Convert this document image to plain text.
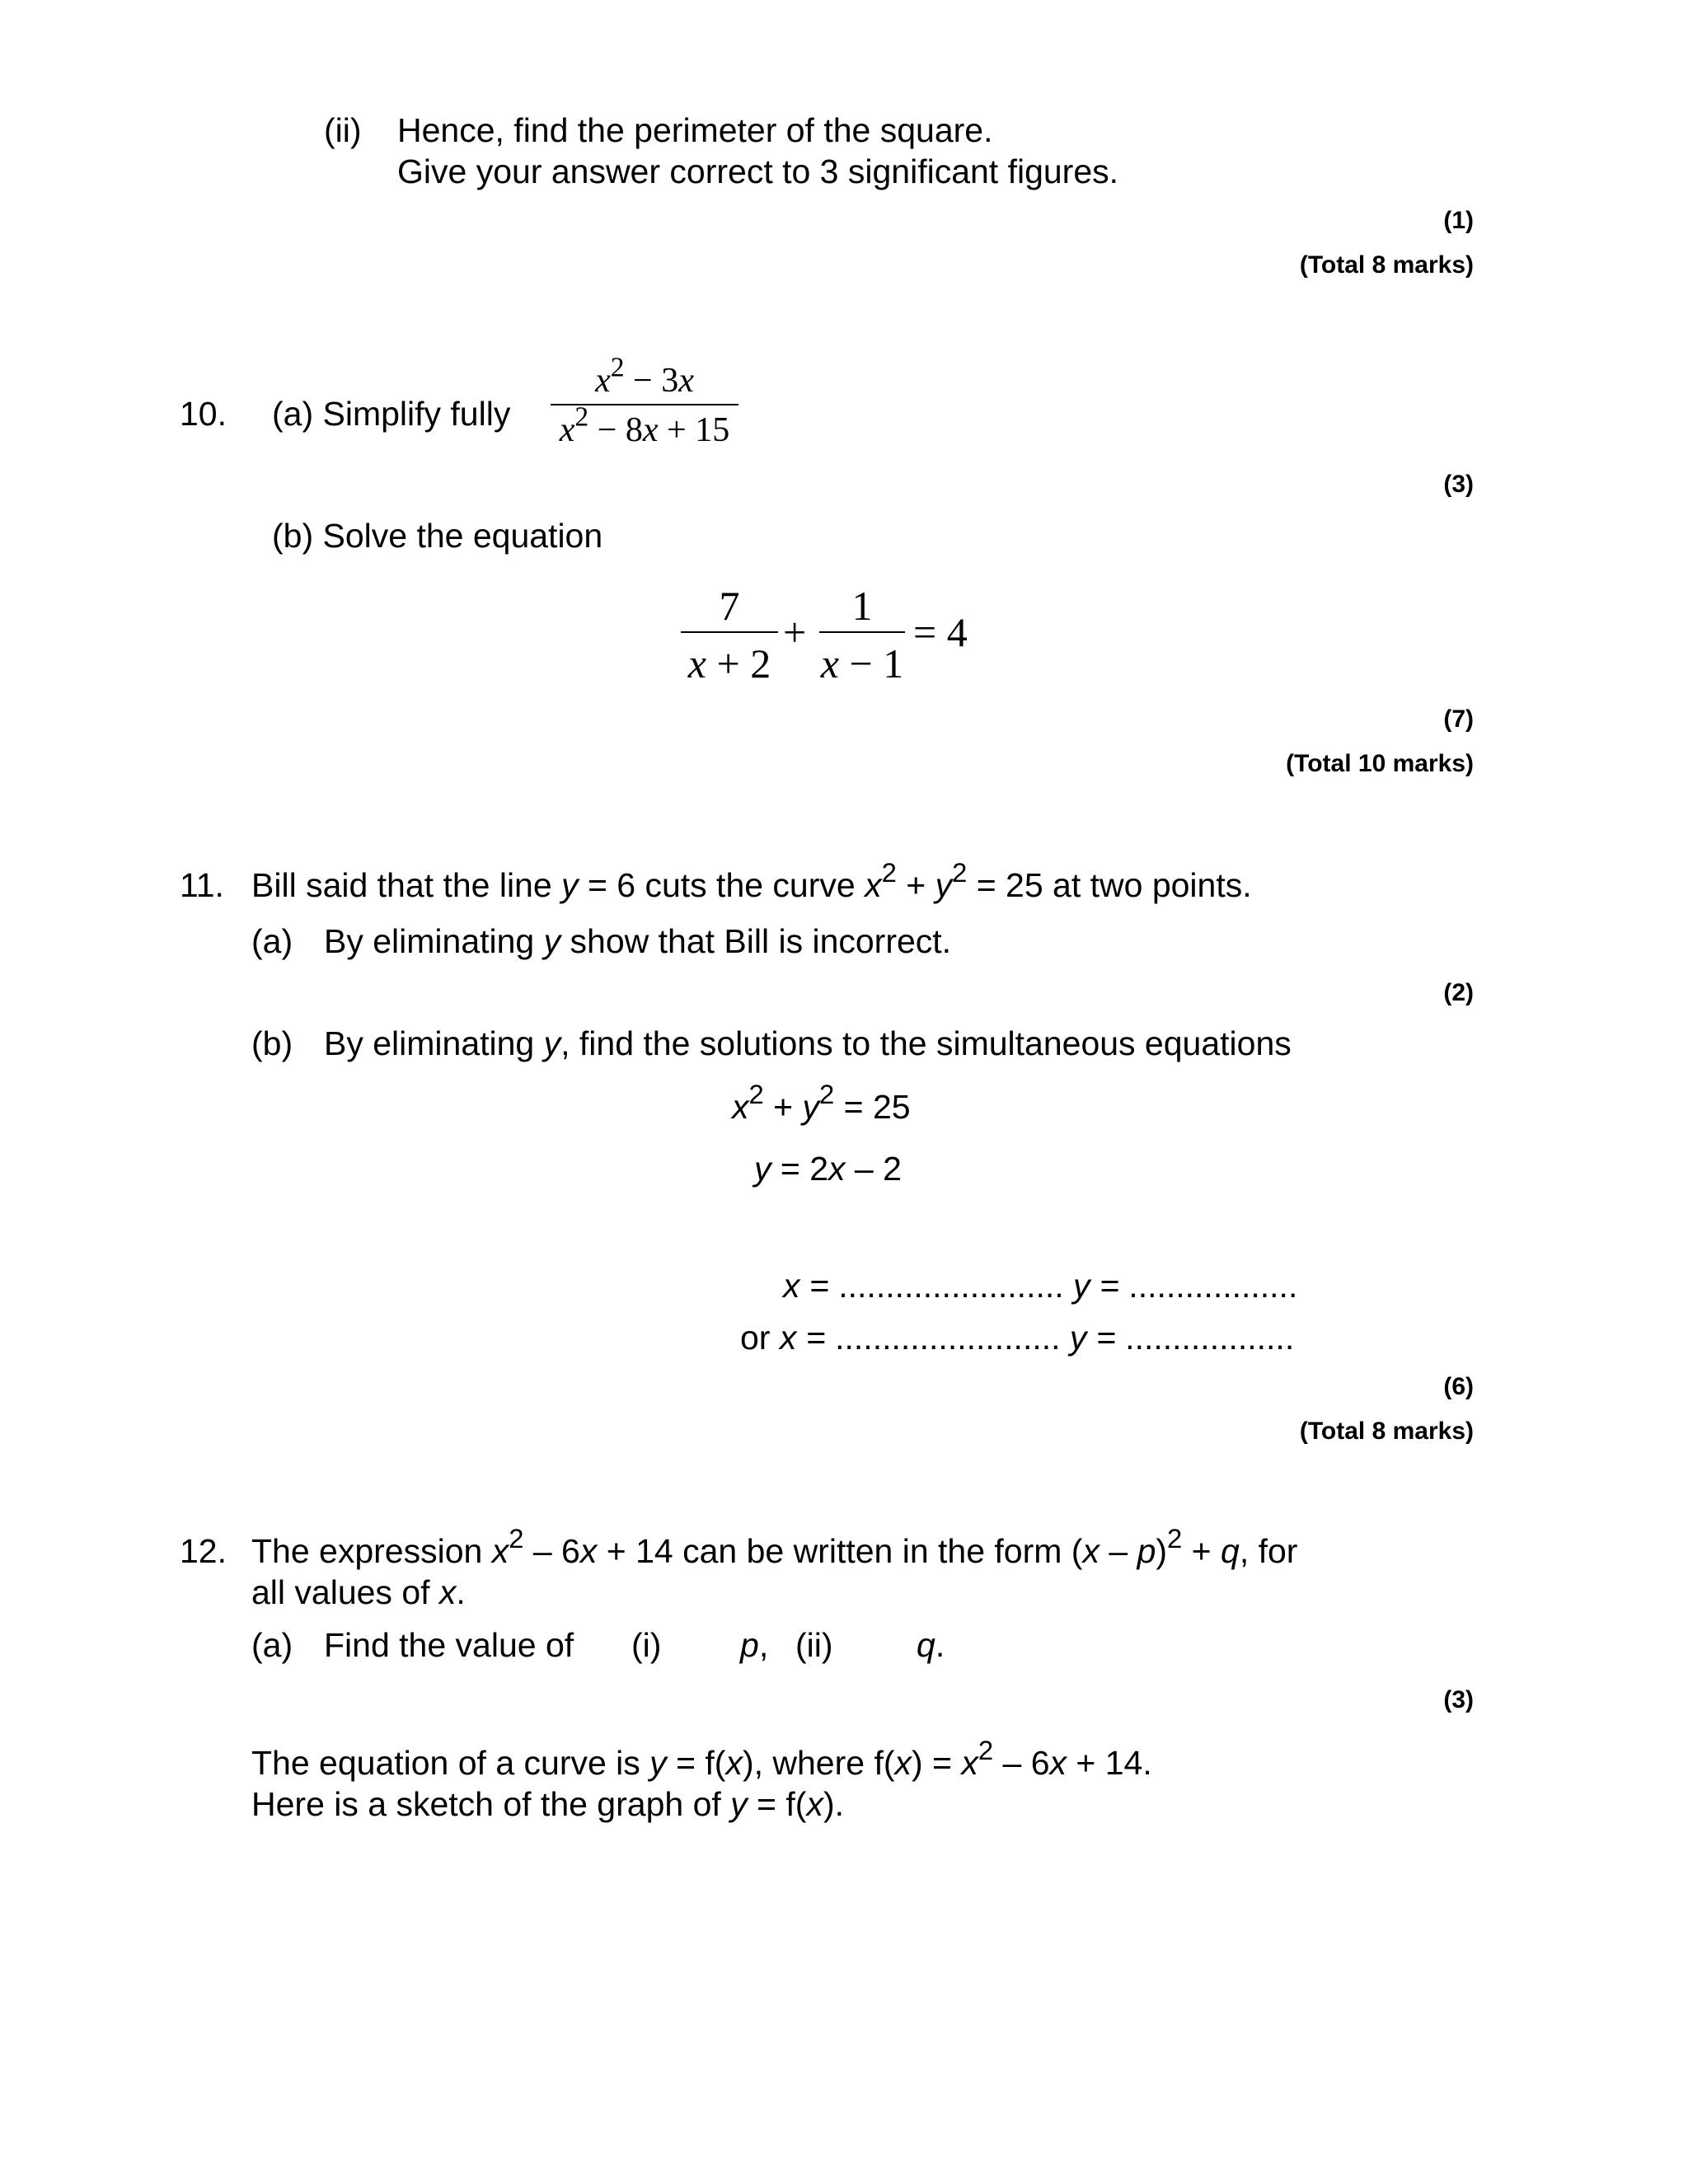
(ii) Hence, find the perimeter of the square.
Give your answer correct to 3 significant figures.
(1)
(Total 8 marks)
10. (a) Simplify fully
$x^2 - 3x$
$x^2 - 8x + 15$
(3)
(b) Solve the equation
7
x + 2
+
1
x − 1
= 4
(7)
(Total 10 marks)
11. Bill said that the line y = 6 cuts the curve $x^2 + y^2 = 25$ at two points.
(a) By eliminating y show that Bill is incorrect.
(2)
(b) By eliminating y, find the solutions to the simultaneous equations
$x^2 + y^2 = 25$
y = 2x – 2
x = ........................ y = ..................
or x = ........................ y = ..................
(6)
(Total 8 marks)
12. The expression $x^2 - 6x + 14$ can be written in the form (x – p)$^2$ + q, for
all values of x.
(a) Find the value of (i) p, (ii) q.
(3)
The equation of a curve is y = f(x), where $f(x) = x^2 - 6x + 14$.
Here is a sketch of the graph of y = f(x).
